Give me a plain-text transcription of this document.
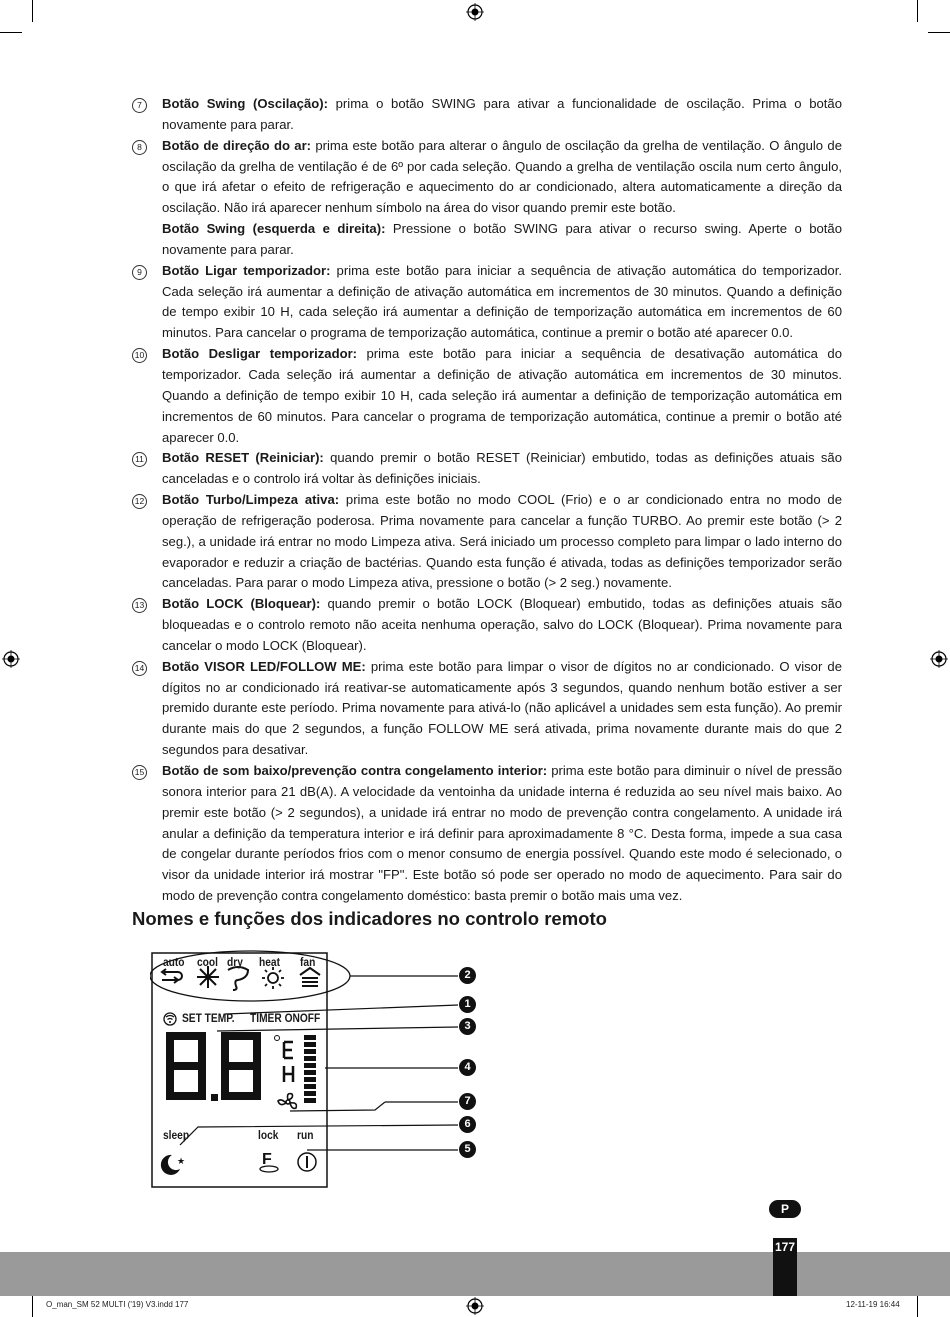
7	Botão Swing (Oscilação): prima o botão SWING para ativar a funcionalidade de oscilação. Prima o botão novamente para parar.
8	Botão de direção do ar: prima este botão para alterar o ângulo de oscilação da grelha de ventilação. O ângulo de oscilação da grelha de ventilação é de 6º por cada seleção. Quando a grelha de ventilação oscila num certo ângulo, o que irá afetar o efeito de refrigeração e aquecimento do ar condicionado, altera automaticamente a direção da oscilação. Não irá aparecer nenhum símbolo na área do visor quando premir este botão.
Botão Swing (esquerda e direita): Pressione o botão SWING para ativar o recurso swing. Aperte o botão novamente para parar.
9	Botão Ligar temporizador: prima este botão para iniciar a sequência de ativação automática do temporizador. Cada seleção irá aumentar a definição de ativação automática em incrementos de 30 minutos. Quando a definição de tempo exibir 10 H, cada seleção irá aumentar a definição de temporização automática em incrementos de 60 minutos. Para cancelar o programa de temporização automática, continue a premir o botão até aparecer 0.0.
10 Botão Desligar temporizador: prima este botão para iniciar a sequência de desativação automática do temporizador. Cada seleção irá aumentar a definição de ativação automática em incrementos de 30 minutos. Quando a definição de tempo exibir 10 H, cada seleção irá aumentar a definição de temporização automática em incrementos de 60 minutos. Para cancelar o programa de temporização automática, continue a premir o botão até aparecer 0.0.
11 Botão RESET (Reiniciar): quando premir o botão RESET (Reiniciar) embutido, todas as definições atuais são canceladas e o controlo irá voltar às definições iniciais.
12 Botão Turbo/Limpeza ativa: prima este botão no modo COOL (Frio) e o ar condicionado entra no modo de operação de refrigeração poderosa. Prima novamente para cancelar a função TURBO. Ao premir este botão (> 2 seg.), a unidade irá entrar no modo Limpeza ativa. Será iniciado um processo completo para limpar o lado interno do evaporador e reduzir a criação de bactérias. Quando esta função é ativada, todas as definições temporizador serão canceladas. Para parar o modo Limpeza ativa, pressione o botão (> 2 seg.) novamente.
13 Botão LOCK (Bloquear): quando premir o botão LOCK (Bloquear) embutido, todas as definições atuais são bloqueadas e o controlo remoto não aceita nenhuma operação, salvo do LOCK (Bloquear). Prima novamente para cancelar o modo LOCK (Bloquear).
14 Botão VISOR LED/FOLLOW ME: prima este botão para limpar o visor de dígitos no ar condicionado. O visor de dígitos no ar condicionado irá reativar-se automaticamente após 3 segundos, quando nenhum botão estiver a ser premido durante este período. Prima novamente para ativá-lo (não aplicável a unidades sem esta função). Ao premir durante mais do que 2 segundos, a função FOLLOW ME será ativada, prima novamente durante mais do que 2 segundos para desativar.
15 Botão de som baixo/prevenção contra congelamento interior: prima este botão para diminuir o nível de pressão sonora interior para 21 dB(A). A velocidade da ventoinha da unidade interna é reduzida ao seu nível mais baixo. Ao premir este botão (> 2 segundos), a unidade irá entrar no modo de prevenção contra congelamento. A unidade irá anular a definição da temperatura interior e irá definir para aproximadamente 8 °C. Desta forma, impede a sua casa de congelar durante períodos frios com o menor consumo de energia possível. Quando este modo é selecionado, o visor da unidade interior irá mostrar "FP". Este botão só pode ser operado no modo de aquecimento. Para sair do modo de prevenção contra congelamento doméstico: basta premir o botão mais uma vez.
Nomes e funções dos indicadores no controlo remoto
★	F
auto cool dry heat fan
SET TEMP. TIMER ONOFF
sleep	lock run
2
1
3
4
7
6
5
P
177
O_man_SM 52 MULTI ('19) V3.indd 177	12-11-19 16:44
